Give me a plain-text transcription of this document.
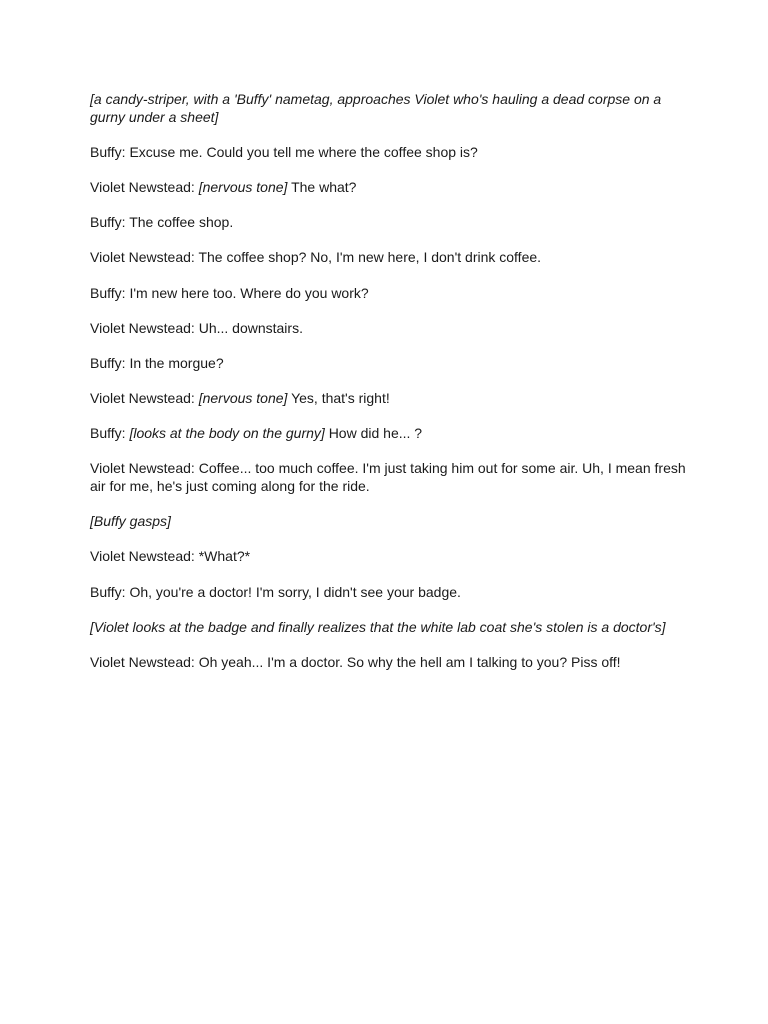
[a candy-striper, with a 'Buffy' nametag, approaches Violet who's hauling a dead corpse on a gurny under a sheet]

Buffy: Excuse me. Could you tell me where the coffee shop is?

Violet Newstead: [nervous tone] The what?

Buffy: The coffee shop.

Violet Newstead: The coffee shop? No, I'm new here, I don't drink coffee.

Buffy: I'm new here too. Where do you work?

Violet Newstead: Uh... downstairs.

Buffy: In the morgue?

Violet Newstead: [nervous tone] Yes, that's right!

Buffy: [looks at the body on the gurny] How did he... ?

Violet Newstead: Coffee... too much coffee. I'm just taking him out for some air. Uh, I mean fresh air for me, he's just coming along for the ride.

[Buffy gasps]

Violet Newstead: *What?*

Buffy: Oh, you're a doctor! I'm sorry, I didn't see your badge.

[Violet looks at the badge and finally realizes that the white lab coat she's stolen is a doctor's]

Violet Newstead: Oh yeah... I'm a doctor. So why the hell am I talking to you? Piss off!
